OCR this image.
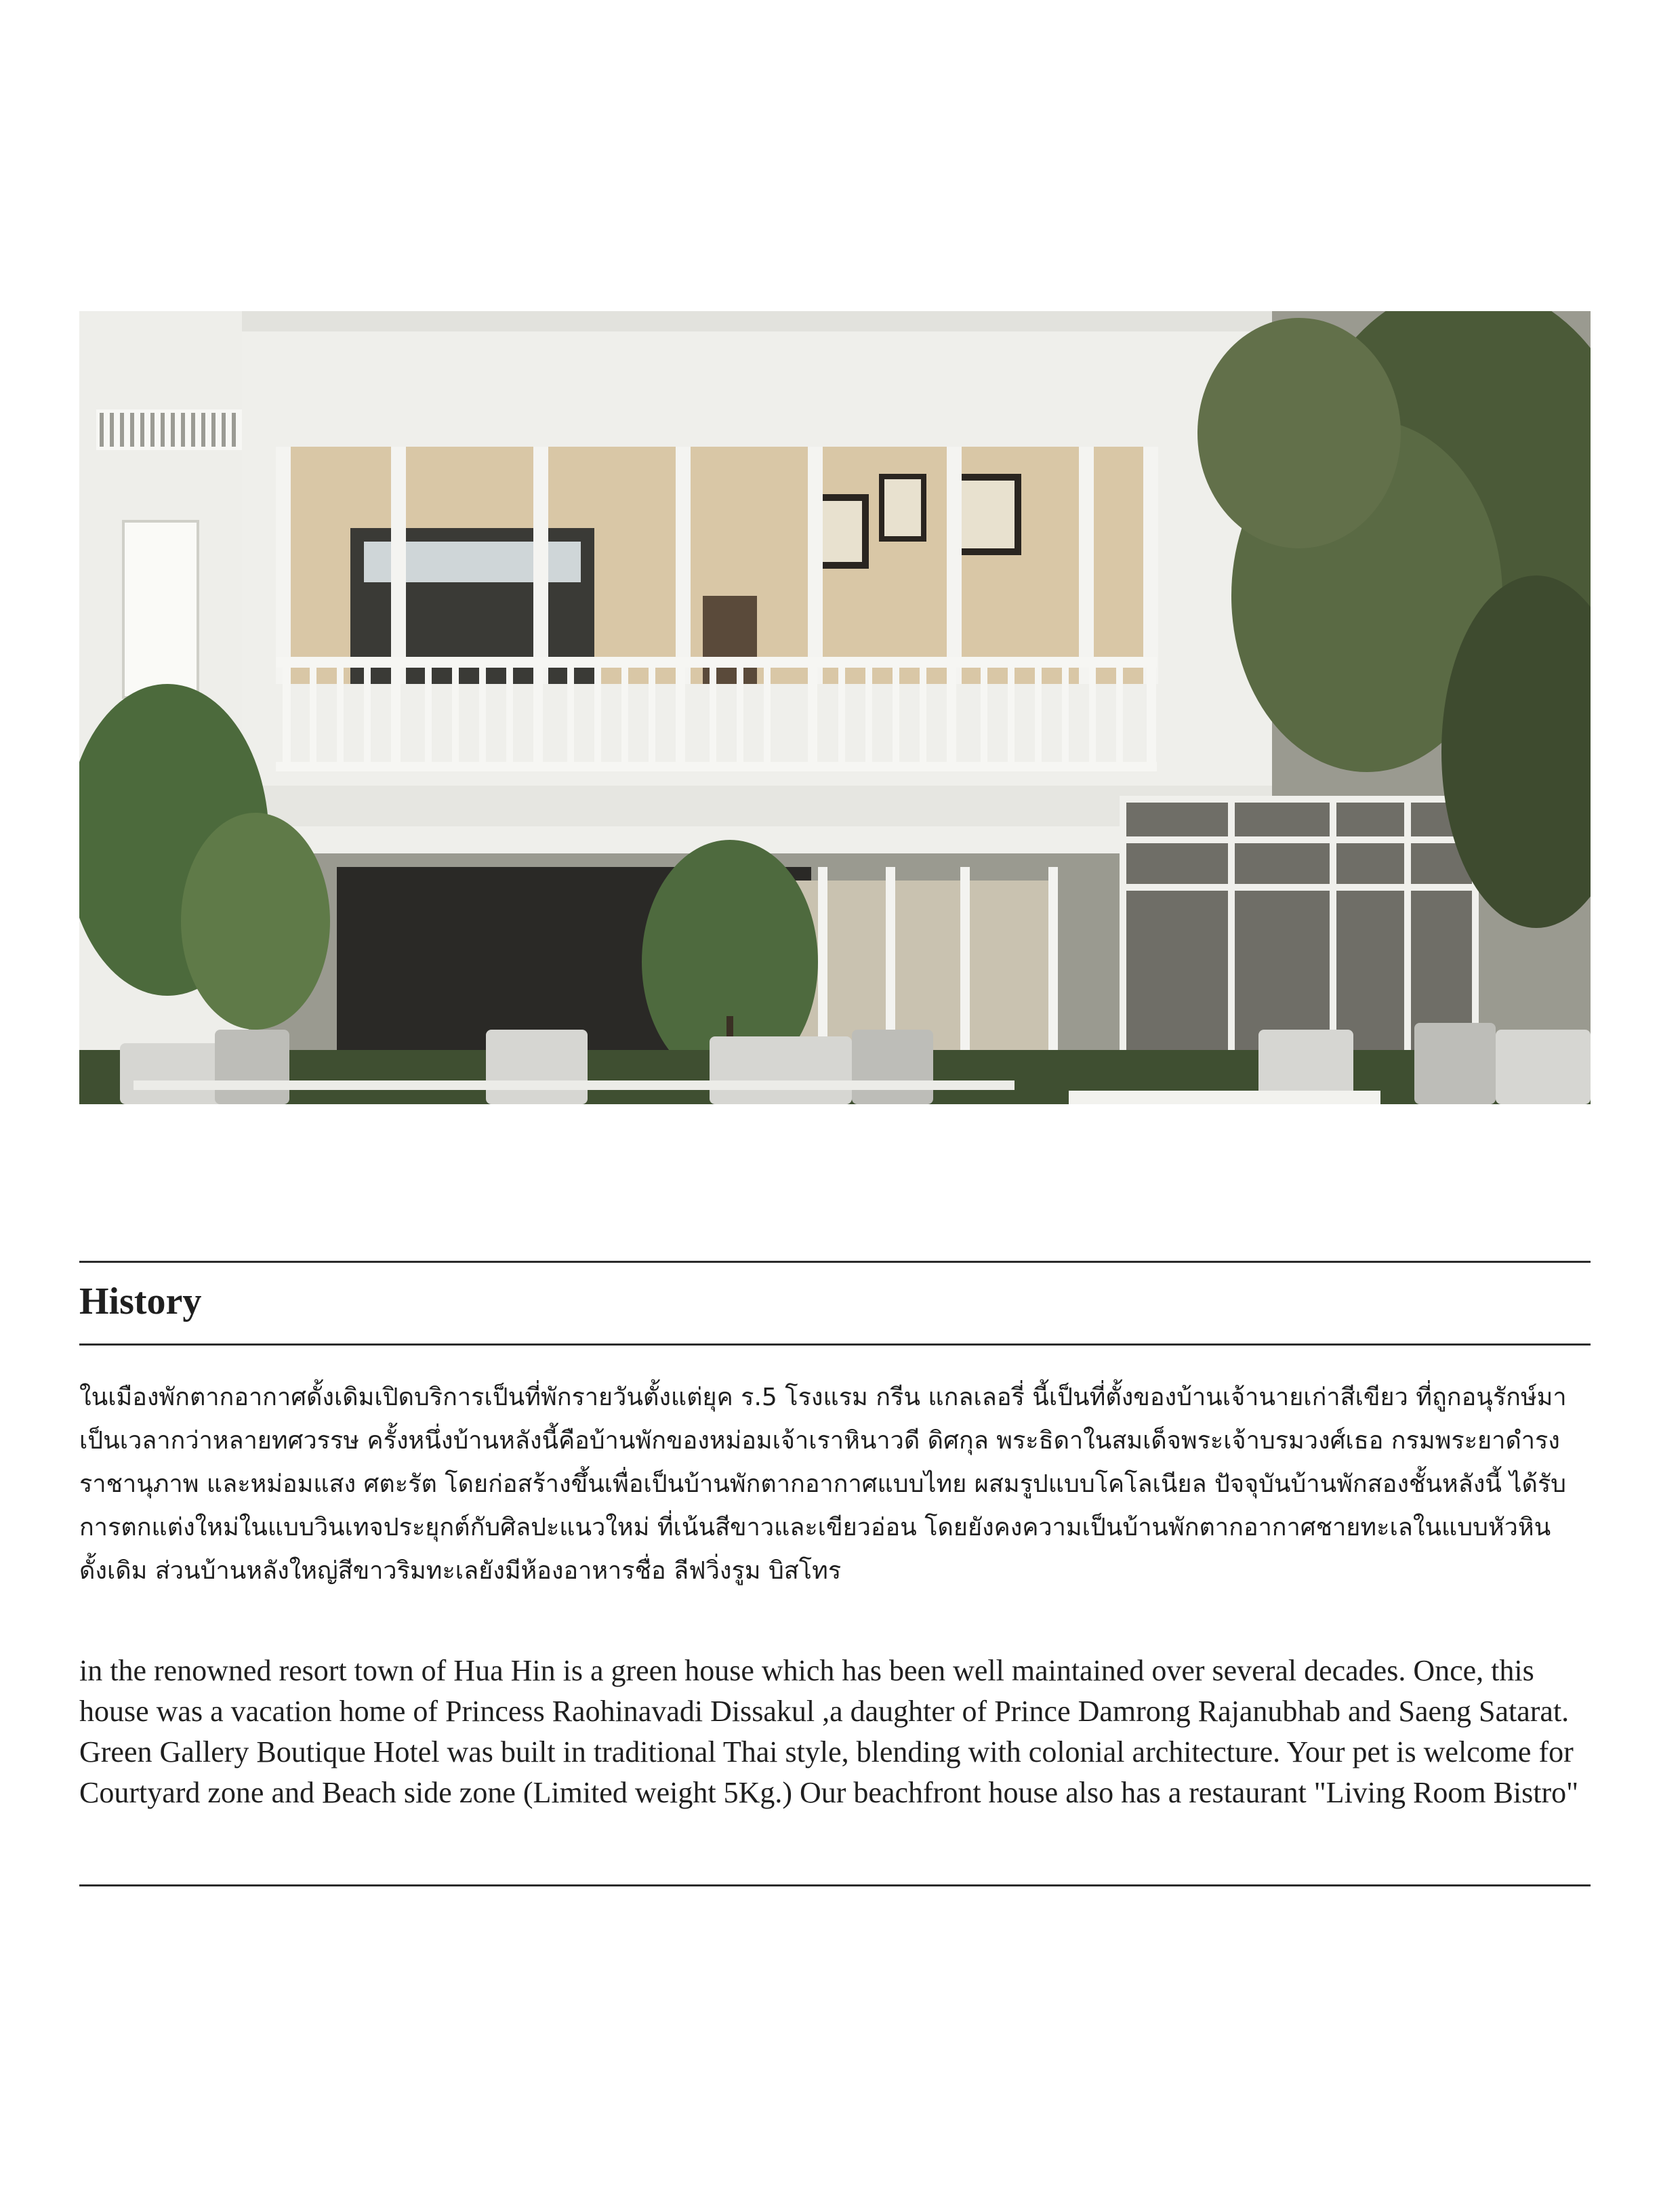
History

ในเมืองพักตากอากาศดั้งเดิมเปิดบริการเป็นที่พักรายวันตั้งแต่ยุค ร.5 โรงแรม กรีน แกลเลอรี่ นี้เป็นที่ตั้งของบ้านเจ้านายเก่าสีเขียว ที่ถูกอนุรักษ์มาเป็นเวลากว่าหลายทศวรรษ ครั้งหนึ่งบ้านหลังนี้คือบ้านพักของหม่อมเจ้าเราหินาวดี ดิศกุล พระธิดาในสมเด็จพระเจ้าบรมวงศ์เธอ กรมพระยาดำรงราชานุภาพ และหม่อมแสง ศตะรัต โดยก่อสร้างขึ้นเพื่อเป็นบ้านพักตากอากาศแบบไทย ผสมรูปแบบโคโลเนียล ปัจจุบันบ้านพักสองชั้นหลังนี้ ได้รับการตกแต่งใหม่ในแบบวินเทจประยุกต์กับศิลปะแนวใหม่ ที่เน้นสีขาวและเขียวอ่อน โดยยังคงความเป็นบ้านพักตากอากาศชายทะเลในแบบหัวหินดั้งเดิม ส่วนบ้านหลังใหญ่สีขาวริมทะเลยังมีห้องอาหารชื่อ ลีฟวิ่งรูม บิสโทร

in the renowned resort town of Hua Hin is a green house which has been well maintained over several decades. Once, this house was a vacation home of Princess Raohinavadi Dissakul ,a daughter of Prince Damrong Rajanubhab and Saeng Satarat. Green Gallery Boutique Hotel was built in traditional Thai style, blending with colonial architecture. Your pet is welcome for Courtyard zone and Beach side zone (Limited weight 5Kg.) Our beachfront house also has a restaurant "Living Room Bistro"
